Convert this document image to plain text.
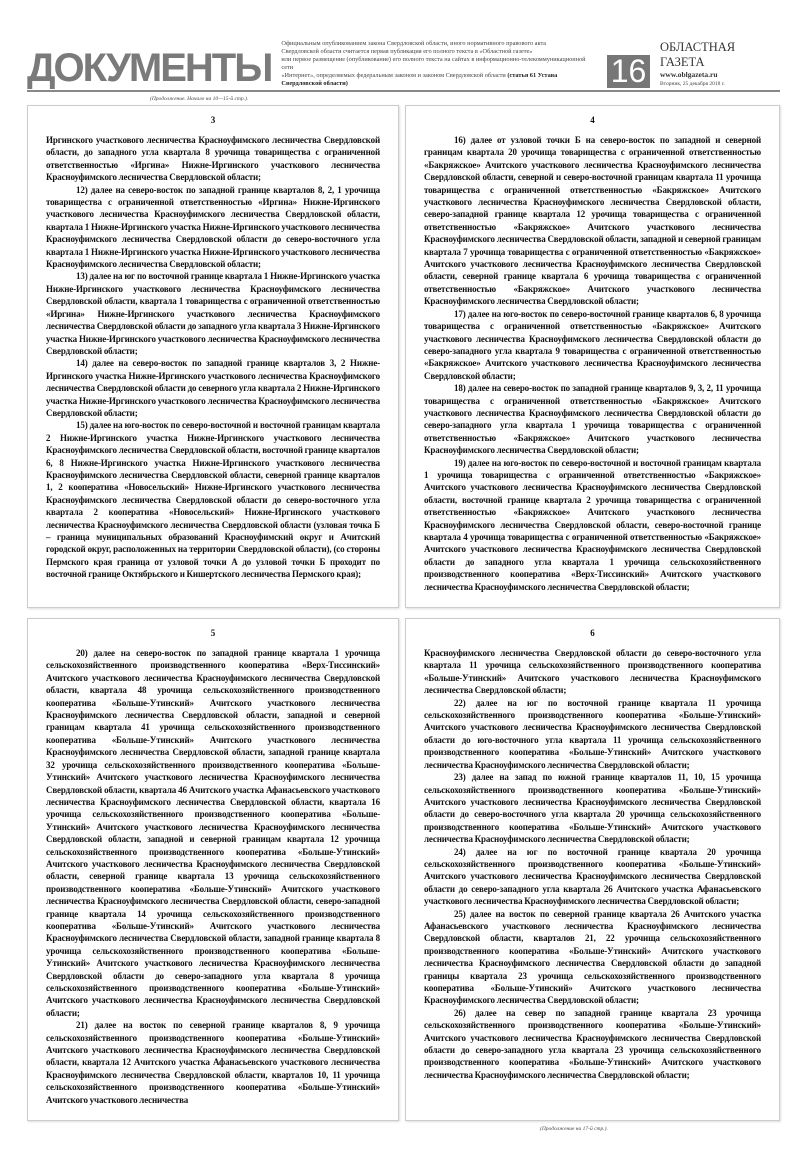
ДОКУМЕНТЫ
Официальным опубликованием закона Свердловской области, иного нормативного правового акта
Свердловской области считается первая публикация его полного текста в «Областной газете»
или первое размещение (опубликование) его полного текста на сайтах в информационно-телекоммуникационной сети
«Интернет», определяемых федеральным законом и законом Свердловской области (статья 61 Устава Свердловской области)	16
ОБЛАСТНАЯ ГАЗЕТА
www.oblgazeta.ru
Вторник, 25 декабря 2018 г.
(Продолжение. Начало на 10—15-й стр.).
3

Иргинского участкового лесничества Красноуфимского лесничества Свердловской области, до западного угла квартала 8 урочища товарищества с ограниченной ответственностью «Иргина» Нижне-Иргинского участкового лесничества Красноуфимского лесничества Свердловской области;

12) далее на северо-восток по западной границе кварталов 8, 2, 1 урочища товарищества с ограниченной ответственностью «Иргина» Нижне-Иргинского участкового лесничества Красноуфимского лесничества Свердловской области, квартала 1 Нижне-Иргинского участка Нижне-Иргинского участкового лесничества Красноуфимского лесничества Свердловской области до северо-восточного угла квартала 1 Нижне-Иргинского участка Нижне-Иргинского участкового лесничества Красноуфимского лесничества Свердловской области;

13) далее на юг по восточной границе квартала 1 Нижне-Иргинского участка Нижне-Иргинского участкового лесничества Красноуфимского лесничества Свердловской области, квартала 1 товарищества с ограниченной ответственностью «Иргина» Нижне-Иргинского участкового лесничества Красноуфимского лесничества Свердловской области до западного угла квартала 3 Нижне-Иргинского участка Нижне-Иргинского участкового лесничества Красноуфимского лесничества Свердловской области;

14) далее на северо-восток по западной границе кварталов 3, 2 Нижне-Иргинского участка Нижне-Иргинского участкового лесничества Красноуфимского лесничества Свердловской области до северного угла квартала 2 Нижне-Иргинского участка Нижне-Иргинского участкового лесничества Красноуфимского лесничества Свердловской области;

15) далее на юго-восток по северо-восточной и восточной границам квартала 2 Нижне-Иргинского участка Нижне-Иргинского участкового лесничества Красноуфимского лесничества Свердловской области, восточной границе кварталов 6, 8 Нижне-Иргинского участка Нижне-Иргинского участкового лесничества Красноуфимского лесничества Свердловской области, северной границе кварталов 1, 2 кооператива «Новосельский» Нижне-Иргинского участкового лесничества Красноуфимского лесничества Свердловской области до северо-восточного угла квартала 2 кооператива «Новосельский» Нижне-Иргинского участкового лесничества Красноуфимского лесничества Свердловской области (узловая точка Б – граница муниципальных образований Красноуфимский округ и Ачитский городской округ, расположенных на территории Свердловской области), (со стороны Пермского края граница от узловой точки А до узловой точки Б проходит по восточной границе Октябрьского и Кишертского лесничества Пермского края);

4

16) далее от узловой точки Б на северо-восток по западной и северной границам квартала 20 урочища товарищества с ограниченной ответственностью «Бакряжское» Ачитского участкового лесничества Красноуфимского лесничества Свердловской области, северной и северо-восточной границам квартала 11 урочища товарищества с ограниченной ответственностью «Бакряжское» Ачитского участкового лесничества Красноуфимского лесничества Свердловской области, северо-западной границе квартала 12 урочища товарищества с ограниченной ответственностью «Бакряжское» Ачитского участкового лесничества Красноуфимского лесничества Свердловской области, западной и северной границам квартала 7 урочища товарищества с ограниченной ответственностью «Бакряжское» Ачитского участкового лесничества Красноуфимского лесничества Свердловской области, северной границе квартала 6 урочища товарищества с ограниченной ответственностью «Бакряжское» Ачитского участкового лесничества Красноуфимского лесничества Свердловской области;

17) далее на юго-восток по северо-восточной границе кварталов 6, 8 урочища товарищества с ограниченной ответственностью «Бакряжское» Ачитского участкового лесничества Красноуфимского лесничества Свердловской области до северо-западного угла квартала 9 товарищества с ограниченной ответственностью «Бакряжское» Ачитского участкового лесничества Красноуфимского лесничества Свердловской области;

18) далее на северо-восток по западной границе кварталов 9, 3, 2, 11 урочища товарищества с ограниченной ответственностью «Бакряжское» Ачитского участкового лесничества Красноуфимского лесничества Свердловской области до северо-западного угла квартала 1 урочища товарищества с ограниченной ответственностью «Бакряжское» Ачитского участкового лесничества Красноуфимского лесничества Свердловской области;

19) далее на юго-восток по северо-восточной и восточной границам квартала 1 урочища товарищества с ограниченной ответственностью «Бакряжское» Ачитского участкового лесничества Красноуфимского лесничества Свердловской области, восточной границе квартала 2 урочища товарищества с ограниченной ответственностью «Бакряжское» Ачитского участкового лесничества Красноуфимского лесничества Свердловской области, северо-восточной границе квартала 4 урочища товарищества с ограниченной ответственностью «Бакряжское» Ачитского участкового лесничества Красноуфимского лесничества Свердловской области до западного угла квартала 1 урочища сельскохозяйственного производственного кооператива «Верх-Тиссинский» Ачитского участкового лесничества Красноуфимского лесничества Свердловской области;

5

20) далее на северо-восток по западной границе квартала 1 урочища сельскохозяйственного производственного кооператива «Верх-Тиссинский» Ачитского участкового лесничества Красноуфимского лесничества Свердловской области, квартала 48 урочища сельскохозяйственного производственного кооператива «Больше-Утинский» Ачитского участкового лесничества Красноуфимского лесничества Свердловской области, западной и северной границам квартала 41 урочища сельскохозяйственного производственного кооператива «Больше-Утинский» Ачитского участкового лесничества Красноуфимского лесничества Свердловской области, западной границе квартала 32 урочища сельскохозяйственного производственного кооператива «Больше-Утинский» Ачитского участкового лесничества Красноуфимского лесничества Свердловской области, квартала 46 Ачитского участка Афанасьевского участкового лесничества Красноуфимского лесничества Свердловской области, квартала 16 урочища сельскохозяйственного производственного кооператива «Больше-Утинский» Ачитского участкового лесничества Красноуфимского лесничества Свердловской области, западной и северной границам квартала 12 урочища сельскохозяйственного производственного кооператива «Больше-Утинский» Ачитского участкового лесничества Красноуфимского лесничества Свердловской области, северной границе квартала 13 урочища сельскохозяйственного производственного кооператива «Больше-Утинский» Ачитского участкового лесничества Красноуфимского лесничества Свердловской области, северо-западной границе квартала 14 урочища сельскохозяйственного производственного кооператива «Больше-Утинский» Ачитского участкового лесничества Красноуфимского лесничества Свердловской области, западной границе квартала 8 урочища сельскохозяйственного производственного кооператива «Больше-Утинский» Ачитского участкового лесничества Красноуфимского лесничества Свердловской области до северо-западного угла квартала 8 урочища сельскохозяйственного производственного кооператива «Больше-Утинский» Ачитского участкового лесничества Красноуфимского лесничества Свердловской области;

21) далее на восток по северной границе кварталов 8, 9 урочища сельскохозяйственного производственного кооператива «Больше-Утинский» Ачитского участкового лесничества Красноуфимского лесничества Свердловской области, квартала 12 Ачитского участка Афанасьевского участкового лесничества Красноуфимского лесничества Свердловской области, кварталов 10, 11 урочища сельскохозяйственного производственного кооператива «Больше-Утинский» Ачитского участкового лесничества

6

Красноуфимского лесничества Свердловской области до северо-восточного угла квартала 11 урочища сельскохозяйственного производственного кооператива «Больше-Утинский» Ачитского участкового лесничества Красноуфимского лесничества Свердловской области;

22) далее на юг по восточной границе квартала 11 урочища сельскохозяйственного производственного кооператива «Больше-Утинский» Ачитского участкового лесничества Красноуфимского лесничества Свердловской области до юго-восточного угла квартала 11 урочища сельскохозяйственного производственного кооператива «Больше-Утинский» Ачитского участкового лесничества Красноуфимского лесничества Свердловской области;

23) далее на запад по южной границе кварталов 11, 10, 15 урочища сельскохозяйственного производственного кооператива «Больше-Утинский» Ачитского участкового лесничества Красноуфимского лесничества Свердловской области до северо-восточного угла квартала 20 урочища сельскохозяйственного производственного кооператива «Больше-Утинский» Ачитского участкового лесничества Красноуфимского лесничества Свердловской области;

24) далее на юг по восточной границе квартала 20 урочища сельскохозяйственного производственного кооператива «Больше-Утинский» Ачитского участкового лесничества Красноуфимского лесничества Свердловской области до северо-западного угла квартала 26 Ачитского участка Афанасьевского участкового лесничества Красноуфимского лесничества Свердловской области;

25) далее на восток по северной границе квартала 26 Ачитского участка Афанасьевского участкового лесничества Красноуфимского лесничества Свердловской области, кварталов 21, 22 урочища сельскохозяйственного производственного кооператива «Больше-Утинский» Ачитского участкового лесничества Красноуфимского лесничества Свердловской области до западной границы квартала 23 урочища сельскохозяйственного производственного кооператива «Больше-Утинский» Ачитского участкового лесничества Красноуфимского лесничества Свердловской области;

26) далее на север по западной границе квартала 23 урочища сельскохозяйственного производственного кооператива «Больше-Утинский» Ачитского участкового лесничества Красноуфимского лесничества Свердловской области до северо-западного угла квартала 23 урочища сельскохозяйственного производственного кооператива «Больше-Утинский» Ачитского участкового лесничества Красноуфимского лесничества Свердловской области;

(Продолжение на 17-й стр.).
